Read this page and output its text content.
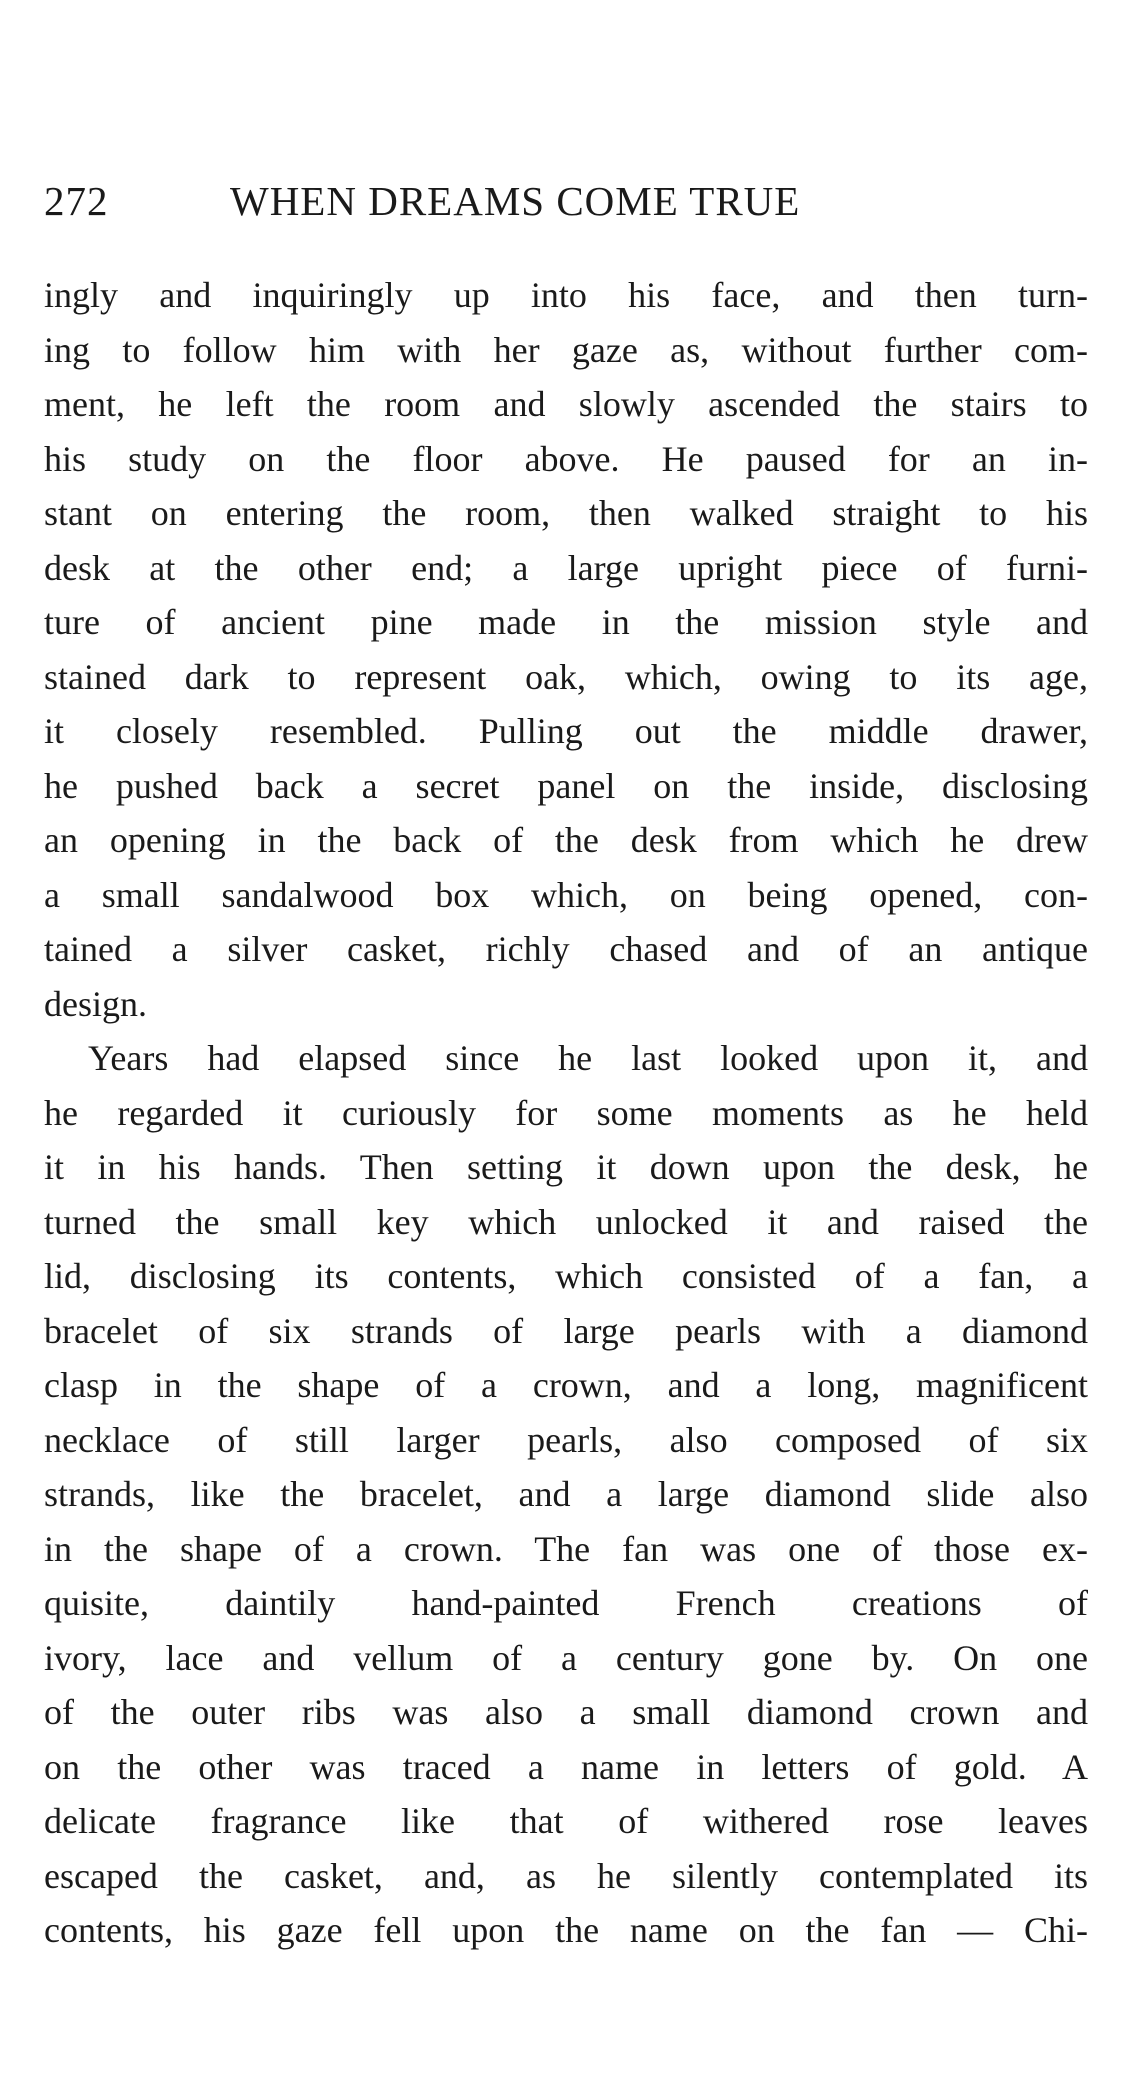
272	WHEN DREAMS COME TRUE
ingly and inquiringly up into his face, and then turn-
ing to follow him with her gaze as, without further com-
ment, he left the room and slowly ascended the stairs to
his study on the floor above. He paused for an in-
stant on entering the room, then walked straight to his
desk at the other end; a large upright piece of furni-
ture of ancient pine made in the mission style and
stained dark to represent oak, which, owing to its age,
it closely resembled. Pulling out the middle drawer,
he pushed back a secret panel on the inside, disclosing
an opening in the back of the desk from which he drew
a small sandalwood box which, on being opened, con-
tained a silver casket, richly chased and of an antique
design.
Years had elapsed since he last looked upon it, and
he regarded it curiously for some moments as he held
it in his hands. Then setting it down upon the desk, he
turned the small key which unlocked it and raised the
lid, disclosing its contents, which consisted of a fan, a
bracelet of six strands of large pearls with a diamond
clasp in the shape of a crown, and a long, magnificent
necklace of still larger pearls, also composed of six
strands, like the bracelet, and a large diamond slide also
in the shape of a crown. The fan was one of those ex-
quisite, daintily hand-painted French creations of
ivory, lace and vellum of a century gone by. On one
of the outer ribs was also a small diamond crown and
on the other was traced a name in letters of gold. A
delicate fragrance like that of withered rose leaves
escaped the casket, and, as he silently contemplated its
contents, his gaze fell upon the name on the fan — Chi-
